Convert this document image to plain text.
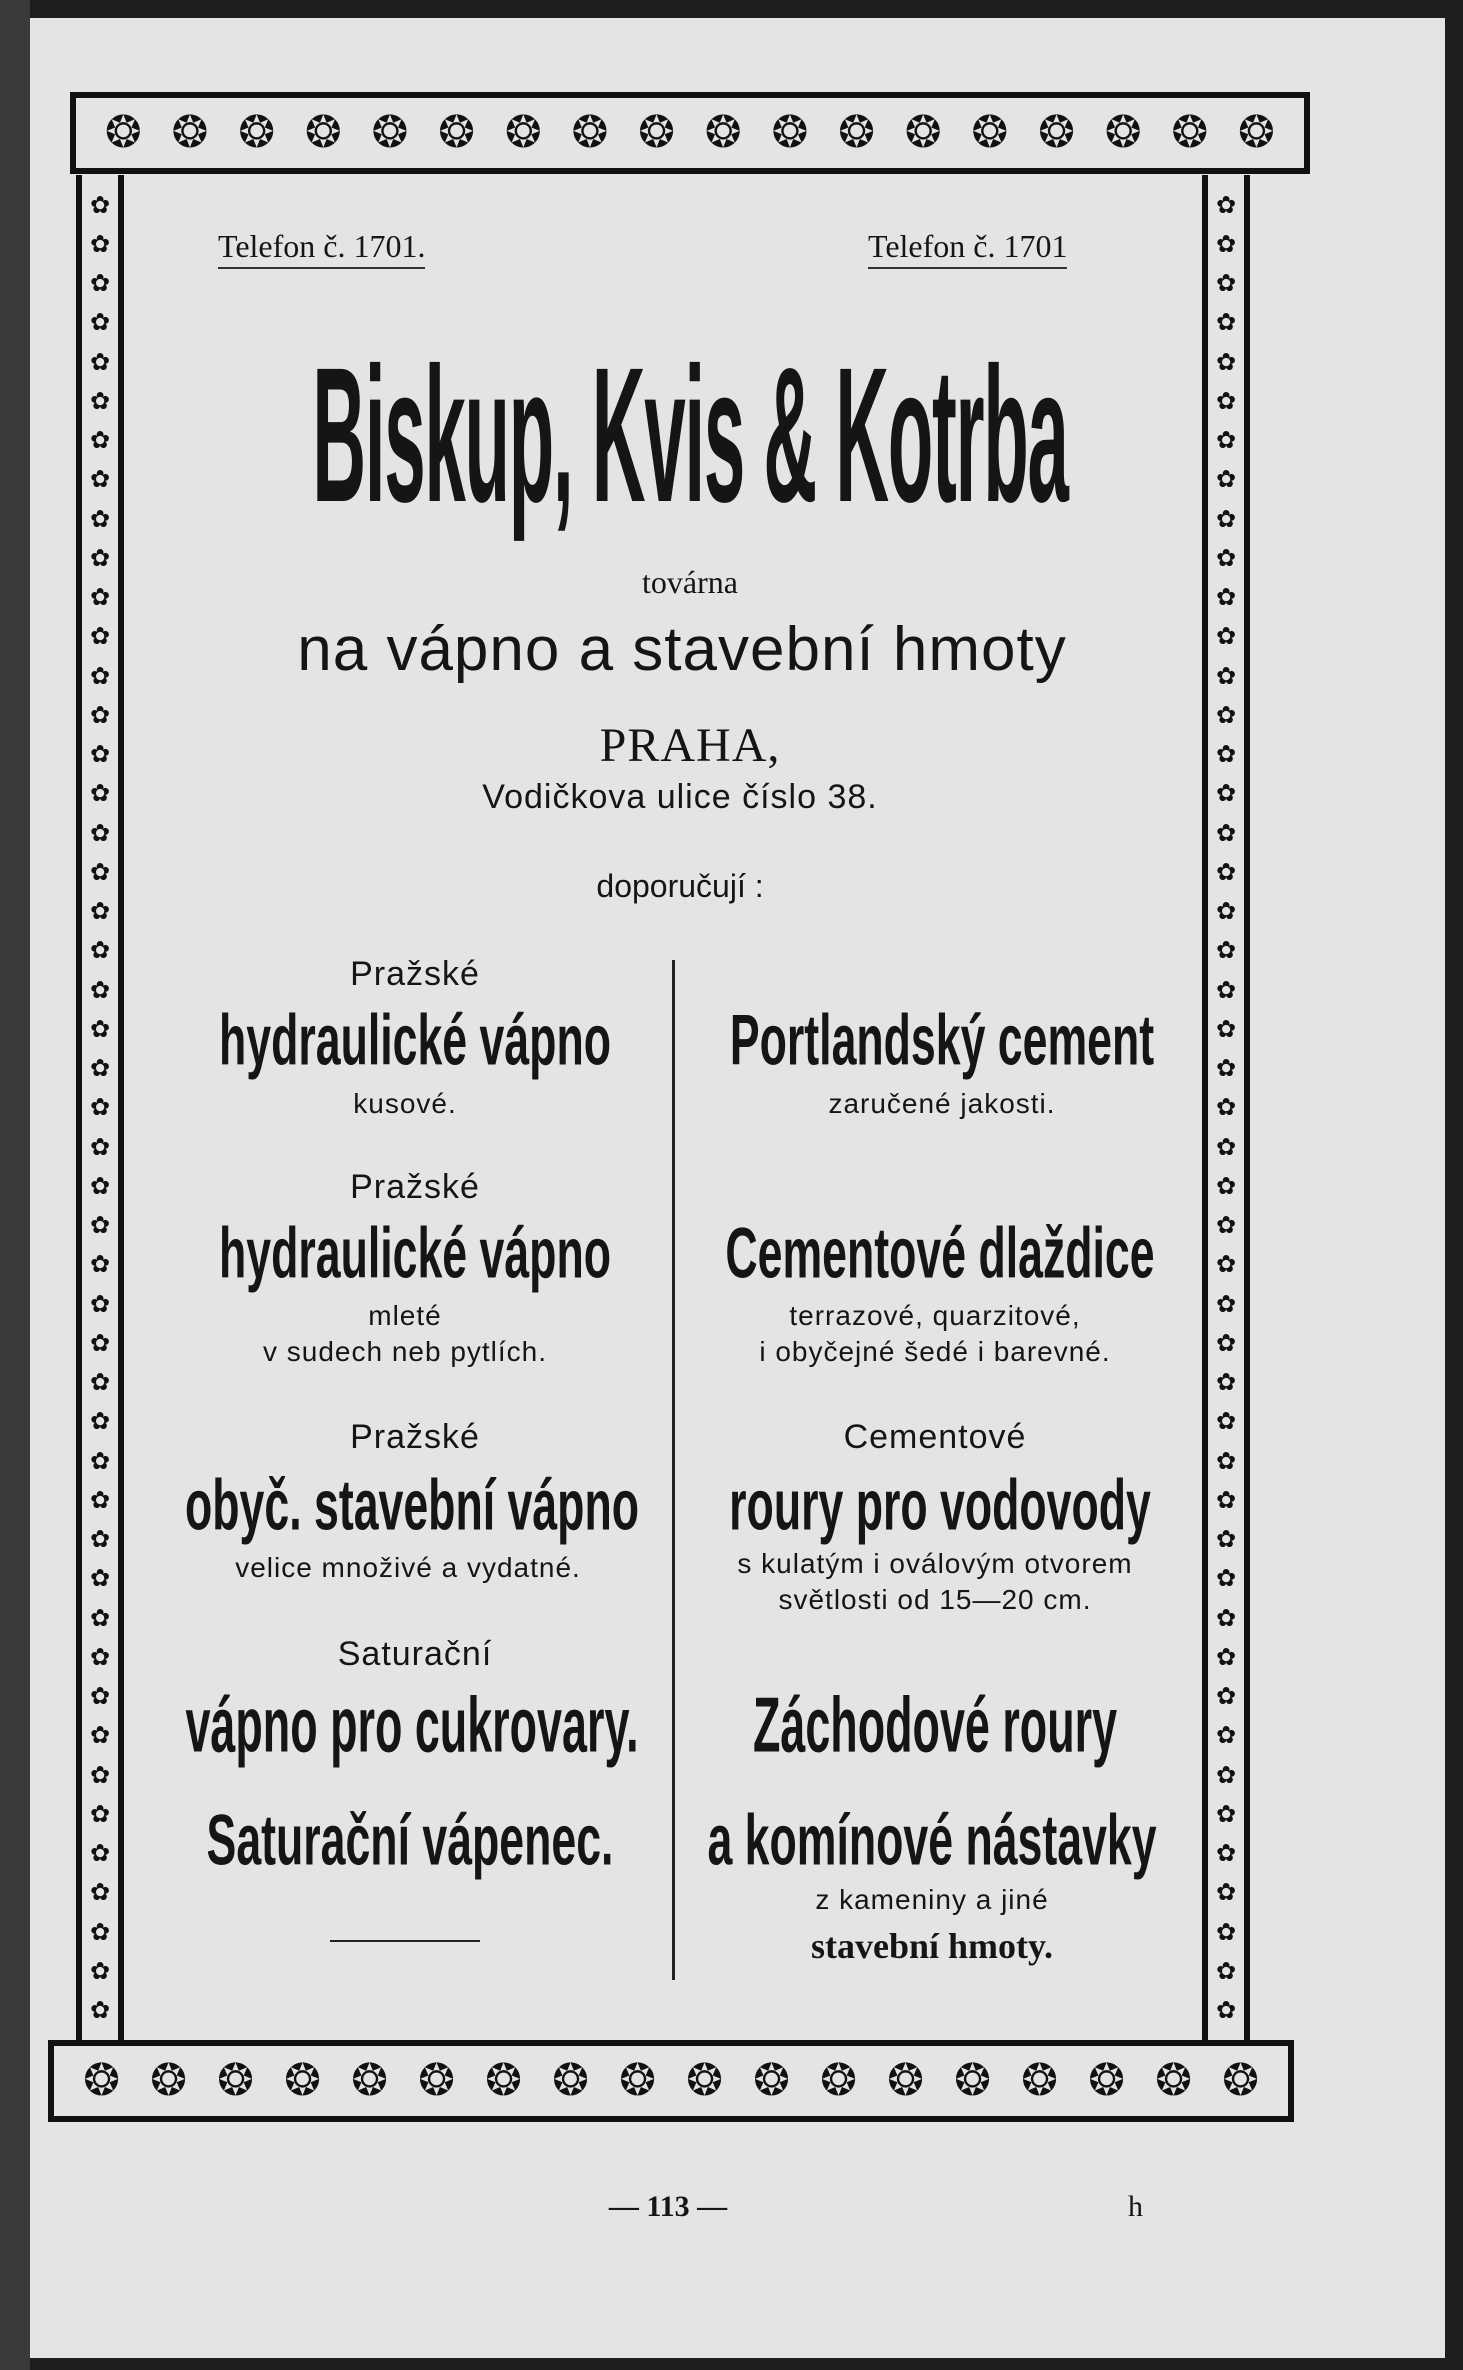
❂ ❂ ❂ ❂ ❂ ❂ ❂ ❂ ❂ ❂ ❂ ❂ ❂ ❂ ❂ ❂ ❂ ❂
❂ ❂ ❂ ❂ ❂ ❂ ❂ ❂ ❂ ❂ ❂ ❂ ❂ ❂ ❂ ❂ ❂ ❂
✿
✿
✿
✿
✿
✿
✿
✿
✿
✿
✿
✿
✿
✿
✿
✿
✿
✿
✿
✿
✿
✿
✿
✿
✿
✿
✿
✿
✿
✿
✿
✿
✿
✿
✿
✿
✿
✿
✿
✿
✿
✿
✿
✿
✿
✿
✿
✿
✿
✿
✿
✿
✿
✿
✿
✿
✿
✿
✿
✿
✿
✿
✿
✿
✿
✿
✿
✿
✿
✿
✿
✿
✿
✿
✿
✿
✿
✿
✿
✿
✿
✿
✿
✿
✿
✿
✿
✿
✿
✿
✿
✿
✿
✿
Telefon č. 1701.	Telefon č. 1701
Biskup, Kvis & Kotrba
továrna
na vápno a stavební hmoty
PRAHA,
Vodičkova ulice číslo 38.
doporučují :
Pražské
hydraulické vápno
kusové.
Pražské
hydraulické vápno
mleté
v sudech neb pytlích.
Pražské
obyč. stavební vápno
velice množivé a vydatné.
Saturační
vápno pro cukrovary.
Saturační vápenec.
Portlandský cement
zaručené jakosti.
Cementové dlaždice
terrazové, quarzitové,
i obyčejné šedé i barevné.
Cementové
roury pro vodovody
s kulatým i oválovým otvorem
světlosti od 15—20 cm.
Záchodové roury
a komínové nástavky
z kameniny a jiné
stavební hmoty.
— 113 —	h
